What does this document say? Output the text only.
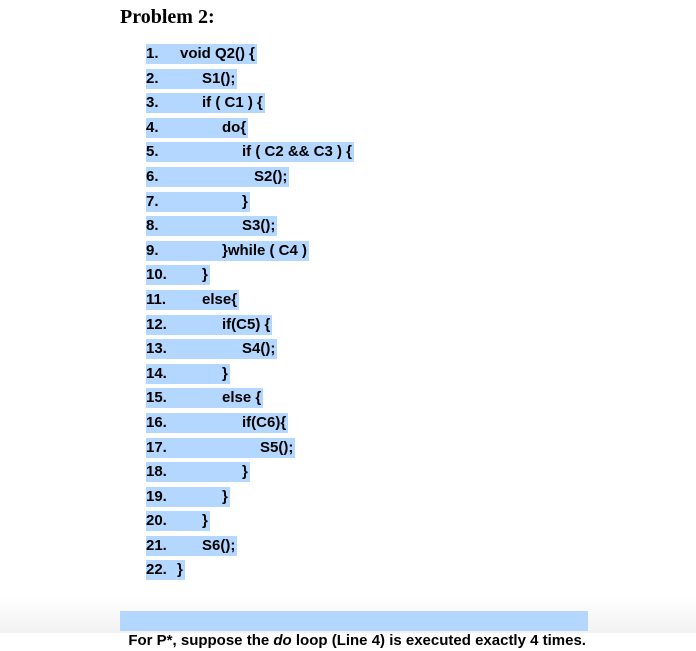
Problem 2:
1.	void Q2() {
2.	S1();
3.	if ( C1 ) {
4.	do{
5.	if ( C2 && C3 ) {
6.	S2();
7.	}
8.	S3();
9.	}while ( C4 )
10.	}
11.	else{
12.	if(C5) {
13.	S4();
14.	}
15.	else {
16.	if(C6){
17.	S5();
18.	}
19.	}
20.	}
21.	S6();
22. }

For P*, suppose the do loop (Line 4) is executed exactly 4 times.
